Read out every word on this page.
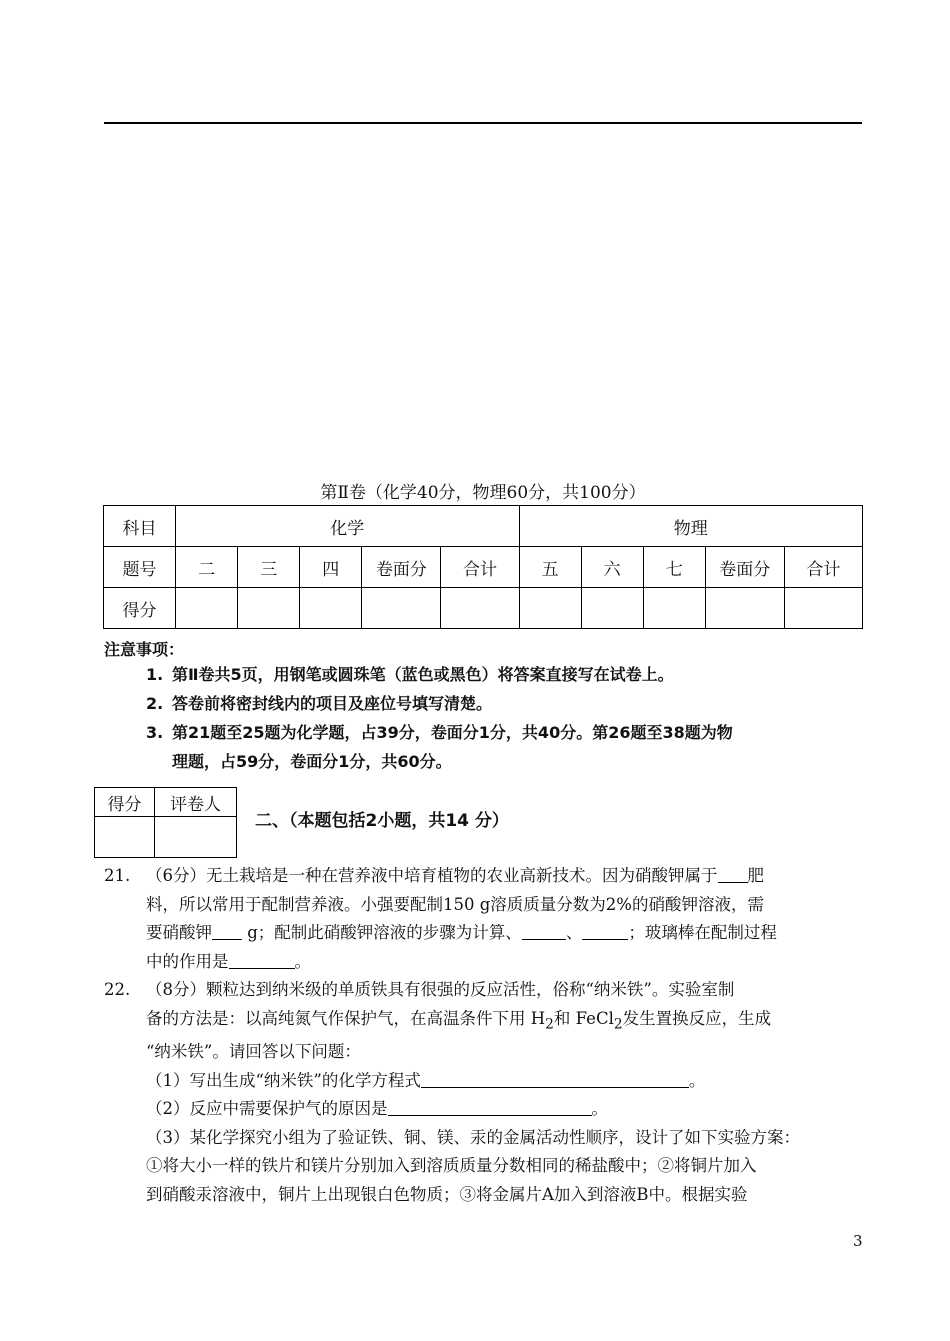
第Ⅱ卷（化学40分，物理60分，共100分）
科目	化学					物理				
题号	二	三	四	卷面分	合计	五	六	七	卷面分	合计
得分										
注意事项：
1. 第Ⅱ卷共5页，用钢笔或圆珠笔（蓝色或黑色）将答案直接写在试卷上。
2. 答卷前将密封线内的项目及座位号填写清楚。
3. 第21题至25题为化学题，占39分，卷面分1分，共40分。第26题至38题为物
理题，占59分，卷面分1分，共60分。
得分	评卷人

二、（本题包括2小题，共14 分）
21. （6分）无土栽培是一种在营养液中培育植物的农业高新技术。因为硝酸钾属于 肥
料，所以常用于配制营养液。小强要配制150 g溶质质量分数为2%的硝酸钾溶液，需
要硝酸钾 g；配制此硝酸钾溶液的步骤为计算、	、	；玻璃棒在配制过程
中的作用是	。
22. （8分）颗粒达到纳米级的单质铁具有很强的反应活性，俗称“纳米铁”。实验室制
备的方法是：以高纯氮气作保护气，在高温条件下用 $H_2$和 FeCl$_2$发生置换反应，生成
“纳米铁”。请回答以下问题：
（1）写出生成“纳米铁”的化学方程式	。
（2）反应中需要保护气的原因是	。
（3）某化学探究小组为了验证铁、铜、镁、汞的金属活动性顺序，设计了如下实验方案：
①将大小一样的铁片和镁片分别加入到溶质质量分数相同的稀盐酸中；②将铜片加入
到硝酸汞溶液中，铜片上出现银白色物质；③将金属片A加入到溶液B中。根据实验
3
